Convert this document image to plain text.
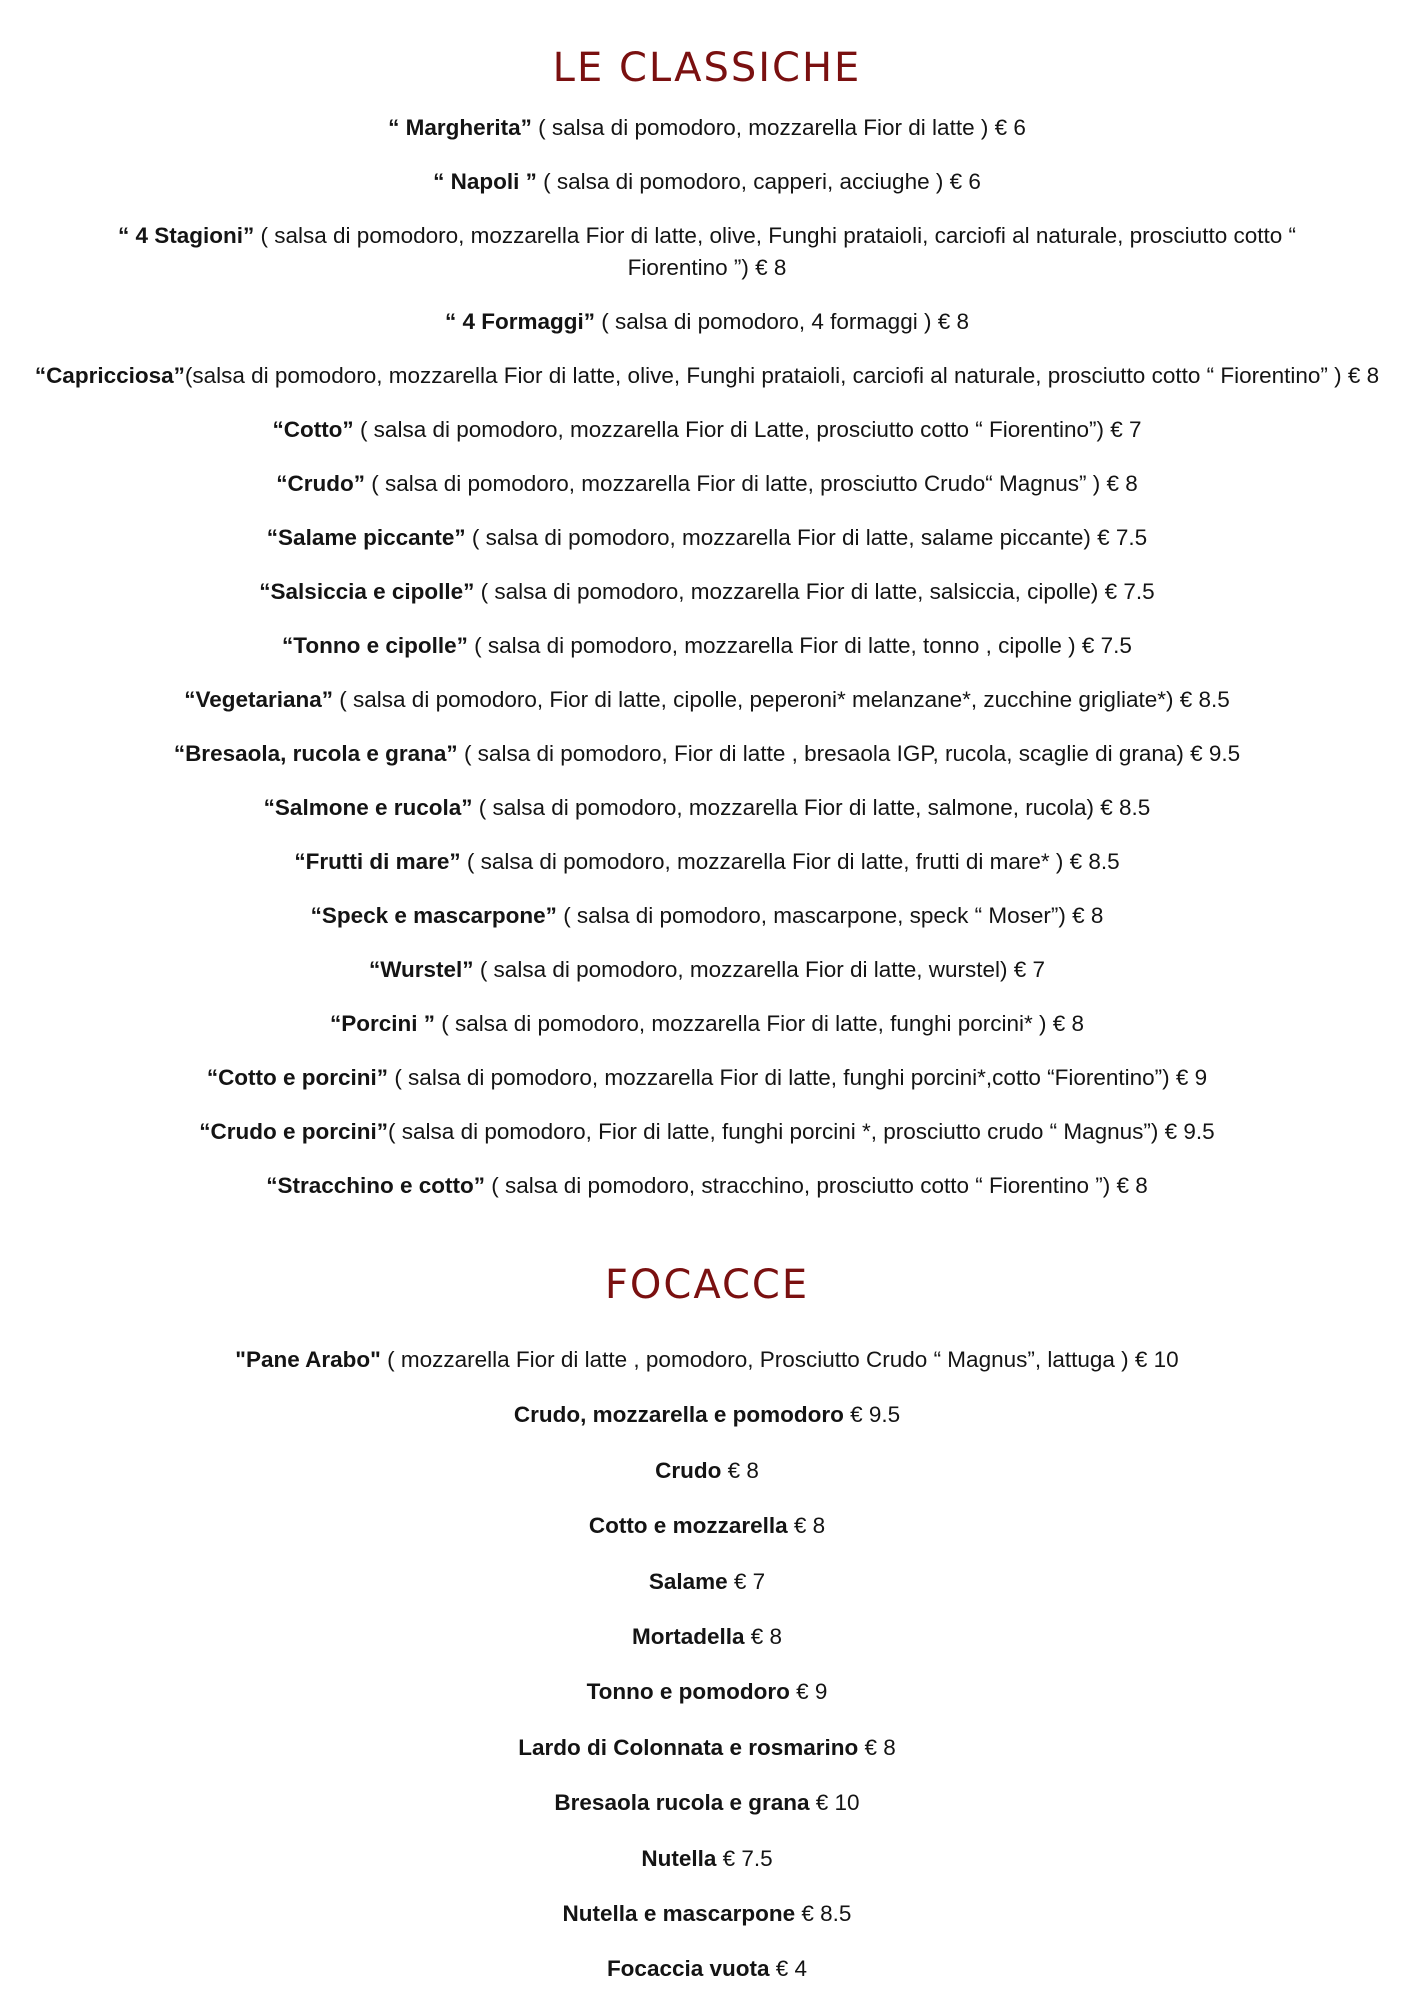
LE CLASSICHE
“ Margherita” ( salsa di pomodoro, mozzarella Fior di latte ) € 6
“ Napoli ” ( salsa di pomodoro, capperi, acciughe ) € 6
“ 4 Stagioni” ( salsa di pomodoro, mozzarella Fior di latte, olive, Funghi prataioli, carciofi al naturale, prosciutto cotto “ Fiorentino ”) € 8
“ 4 Formaggi” ( salsa di pomodoro, 4 formaggi ) € 8
“Capricciosa”(salsa di pomodoro, mozzarella Fior di latte, olive, Funghi prataioli, carciofi al naturale, prosciutto cotto “ Fiorentino” ) € 8
“Cotto” ( salsa di pomodoro, mozzarella Fior di Latte, prosciutto cotto “ Fiorentino”) € 7
“Crudo” ( salsa di pomodoro, mozzarella Fior di latte, prosciutto Crudo“ Magnus” ) € 8
“Salame piccante” ( salsa di pomodoro, mozzarella Fior di latte, salame piccante) € 7.5
“Salsiccia e cipolle” ( salsa di pomodoro, mozzarella Fior di latte, salsiccia, cipolle) € 7.5
“Tonno e cipolle” ( salsa di pomodoro, mozzarella Fior di latte, tonno , cipolle ) € 7.5
“Vegetariana” ( salsa di pomodoro, Fior di latte, cipolle, peperoni* melanzane*, zucchine grigliate*) € 8.5
“Bresaola, rucola e grana” ( salsa di pomodoro, Fior di latte , bresaola IGP, rucola, scaglie di grana) € 9.5
“Salmone e rucola” ( salsa di pomodoro, mozzarella Fior di latte, salmone, rucola) € 8.5
“Frutti di mare” ( salsa di pomodoro, mozzarella Fior di latte, frutti di mare* ) € 8.5
“Speck e mascarpone” ( salsa di pomodoro, mascarpone, speck “ Moser”) € 8
“Wurstel” ( salsa di pomodoro, mozzarella Fior di latte, wurstel) € 7
“Porcini ” ( salsa di pomodoro, mozzarella Fior di latte, funghi porcini* ) € 8
“Cotto e porcini” ( salsa di pomodoro, mozzarella Fior di latte, funghi porcini*,cotto “Fiorentino”) € 9
“Crudo e porcini”( salsa di pomodoro, Fior di latte, funghi porcini *, prosciutto crudo “ Magnus”) € 9.5
“Stracchino e cotto” ( salsa di pomodoro, stracchino, prosciutto cotto “ Fiorentino ”) € 8
FOCACCE
"Pane Arabo" ( mozzarella Fior di latte , pomodoro, Prosciutto Crudo “ Magnus”, lattuga ) € 10
Crudo, mozzarella e pomodoro € 9.5
Crudo € 8
Cotto e mozzarella € 8
Salame € 7
Mortadella € 8
Tonno e pomodoro € 9
Lardo di Colonnata e rosmarino € 8
Bresaola rucola e grana € 10
Nutella € 7.5
Nutella e mascarpone € 8.5
Focaccia vuota € 4
